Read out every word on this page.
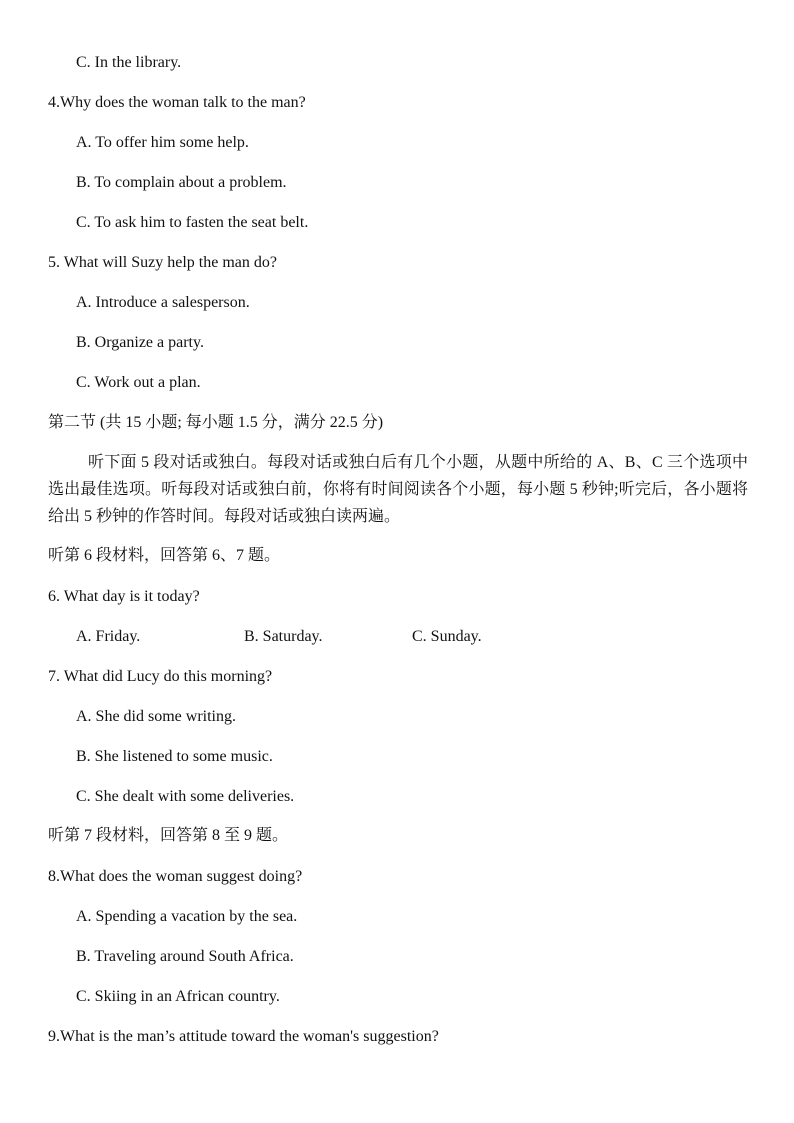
C. In the library.
4.Why does the woman talk to the man?
A. To offer him some help.
B. To complain about a problem.
C. To ask him to fasten the seat belt.
5. What will Suzy help the man do?
A. Introduce a salesperson.
B. Organize a party.
C. Work out a plan.
第二节 (共 15 小题; 每小题 1.5 分，满分 22.5 分)
听下面 5 段对话或独白。每段对话或独白后有几个小题，从题中所给的 A、B、C 三个选项中选出最佳选项。听每段对话或独白前，你将有时间阅读各个小题，每小题 5 秒钟;听完后，各小题将给出 5 秒钟的作答时间。每段对话或独白读两遍。
听第 6 段材料，回答第 6、7 题。
6. What day is it today?
A. Friday.	B. Saturday.	C. Sunday.
7. What did Lucy do this morning?
A. She did some writing.
B. She listened to some music.
C. She dealt with some deliveries.
听第 7 段材料，回答第 8 至 9 题。
8.What does the woman suggest doing?
A. Spending a vacation by the sea.
B. Traveling around South Africa.
C. Skiing in an African country.
9.What is the man’s attitude toward the woman's suggestion?
